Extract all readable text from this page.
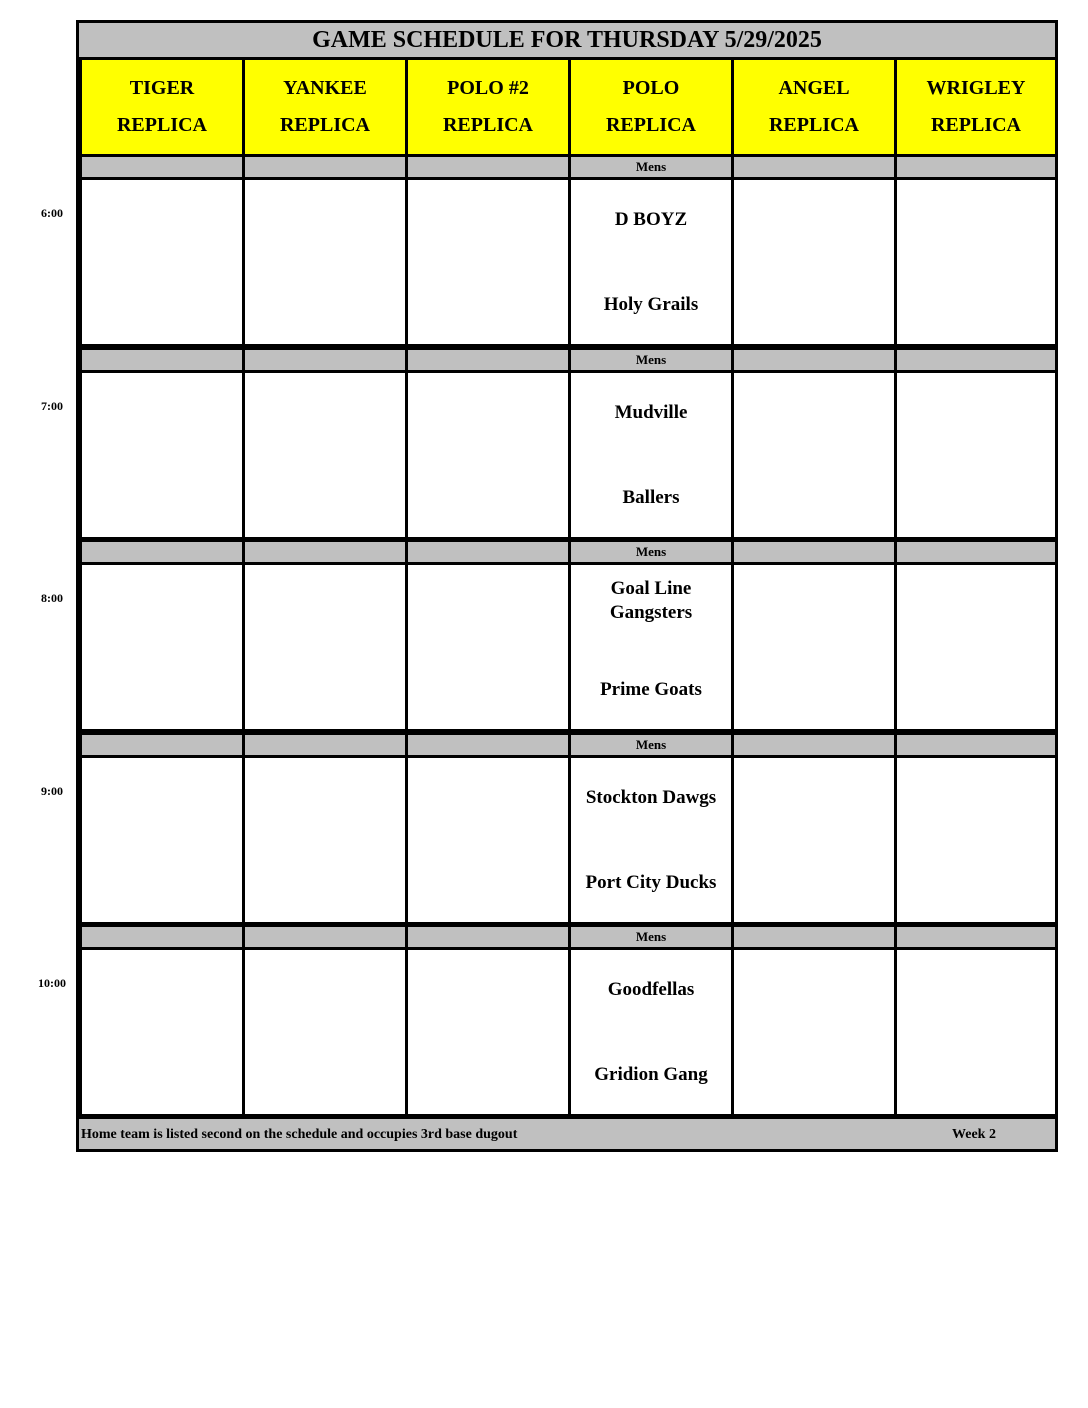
6:00
7:00
8:00
9:00
10:00
GAME SCHEDULE FOR THURSDAY 5/29/2025
TIGER
REPLICA
YANKEE
REPLICA
POLO #2
REPLICA
POLO
REPLICA
ANGEL
REPLICA
WRIGLEY
REPLICA
Mens
D BOYZ
Holy Grails
Mens
Mudville
Ballers
Mens
Goal Line Gangsters
Prime Goats
Mens
Stockton Dawgs
Port City Ducks
Mens
Goodfellas
Gridion Gang
Home team is listed second on the schedule and occupies 3rd base dugout	Week 2
